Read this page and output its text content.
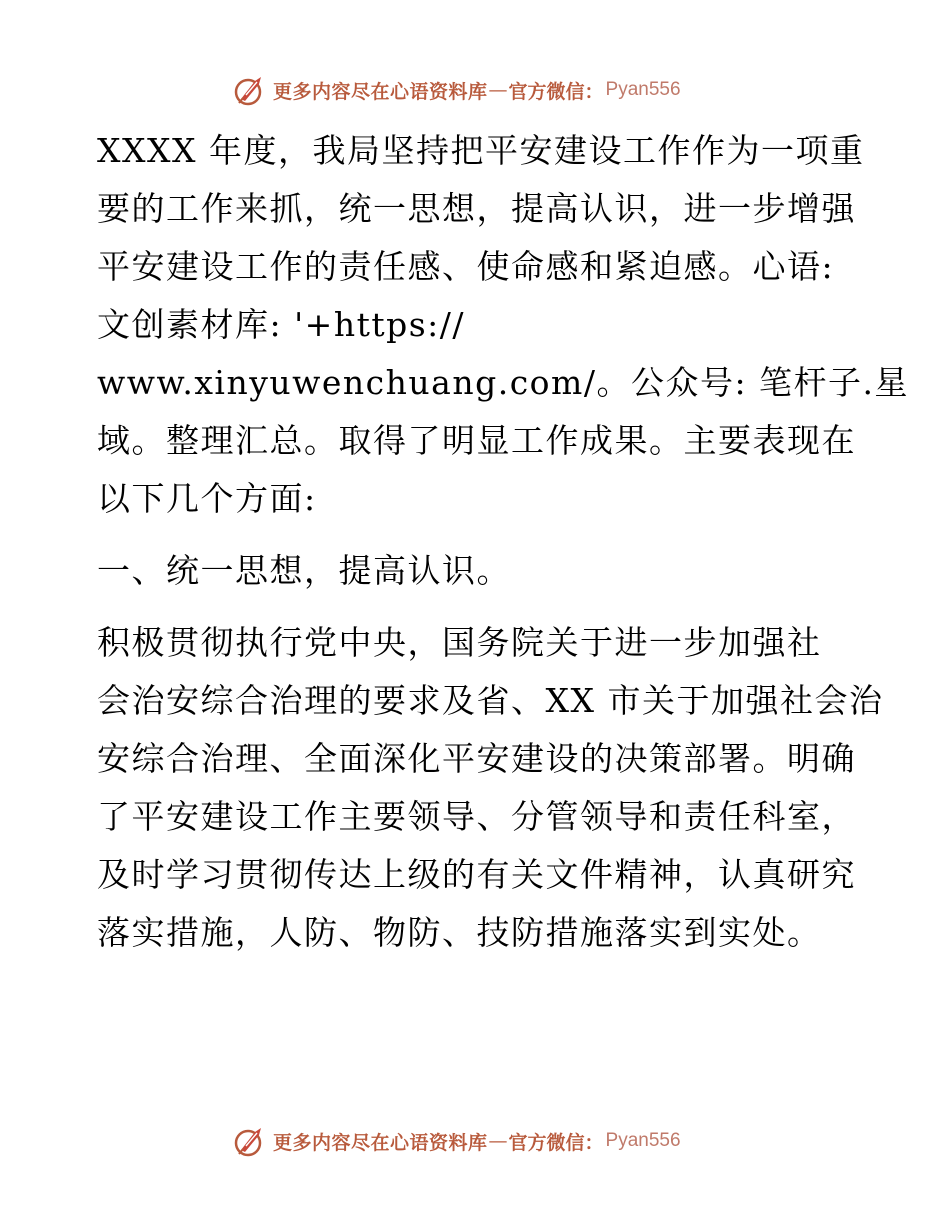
更多内容尽在心语资料库 — 官方微信： Pyan556
XXXX 年度，我局坚持把平安建设工作作为一项重
要的工作来抓，统一思想，提高认识，进一步增强
平安建设工作的责任感、使命感和紧迫感。心语:
文创素材库: '+https://
www.xinyuwenchuang.com/。公众号: 笔杆子.星
域。整理汇总。取得了明显工作成果。主要表现在
以下几个方面:
一、统一思想，提高认识。
积极贯彻执行党中央，国务院关于进一步加强社
会治安综合治理的要求及省、XX 市关于加强社会治
安综合治理、全面深化平安建设的决策部署。明确
了平安建设工作主要领导、分管领导和责任科室，
及时学习贯彻传达上级的有关文件精神，认真研究
落实措施，人防、物防、技防措施落实到实处。
更多内容尽在心语资料库 — 官方微信： Pyan556
